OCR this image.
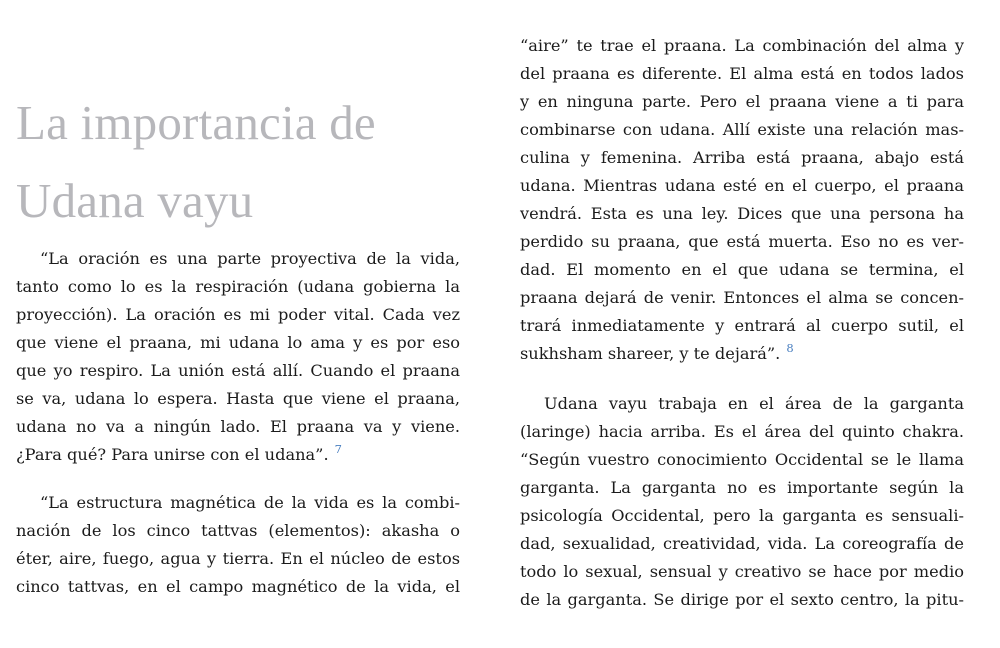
La importancia de
Udana vayu
“La oración es una parte proyectiva de la vida,
tanto como lo es la respiración (udana gobierna la
proyección). La oración es mi poder vital. Cada vez
que viene el praana, mi udana lo ama y es por eso
que yo respiro. La unión está allí. Cuando el praana
se va, udana lo espera. Hasta que viene el praana,
udana no va a ningún lado. El praana va y viene.
¿Para qué? Para unirse con el udana”. $^7$
“La estructura magnética de la vida es la combi-
nación de los cinco tattvas (elementos): akasha o
éter, aire, fuego, agua y tierra. En el núcleo de estos
cinco tattvas, en el campo magnético de la vida, el
“aire” te trae el praana. La combinación del alma y
del praana es diferente. El alma está en todos lados
y en ninguna parte. Pero el praana viene a ti para
combinarse con udana. Allí existe una relación mas-
culina y femenina. Arriba está praana, abajo está
udana. Mientras udana esté en el cuerpo, el praana
vendrá. Esta es una ley. Dices que una persona ha
perdido su praana, que está muerta. Eso no es ver-
dad. El momento en el que udana se termina, el
praana dejará de venir. Entonces el alma se concen-
trará inmediatamente y entrará al cuerpo sutil, el
sukhsham shareer, y te dejará”. $^8$
Udana vayu trabaja en el área de la garganta
(laringe) hacia arriba. Es el área del quinto chakra.
“Según vuestro conocimiento Occidental se le llama
garganta. La garganta no es importante según la
psicología Occidental, pero la garganta es sensuali-
dad, sexualidad, creatividad, vida. La coreografía de
todo lo sexual, sensual y creativo se hace por medio
de la garganta. Se dirige por el sexto centro, la pitu-
